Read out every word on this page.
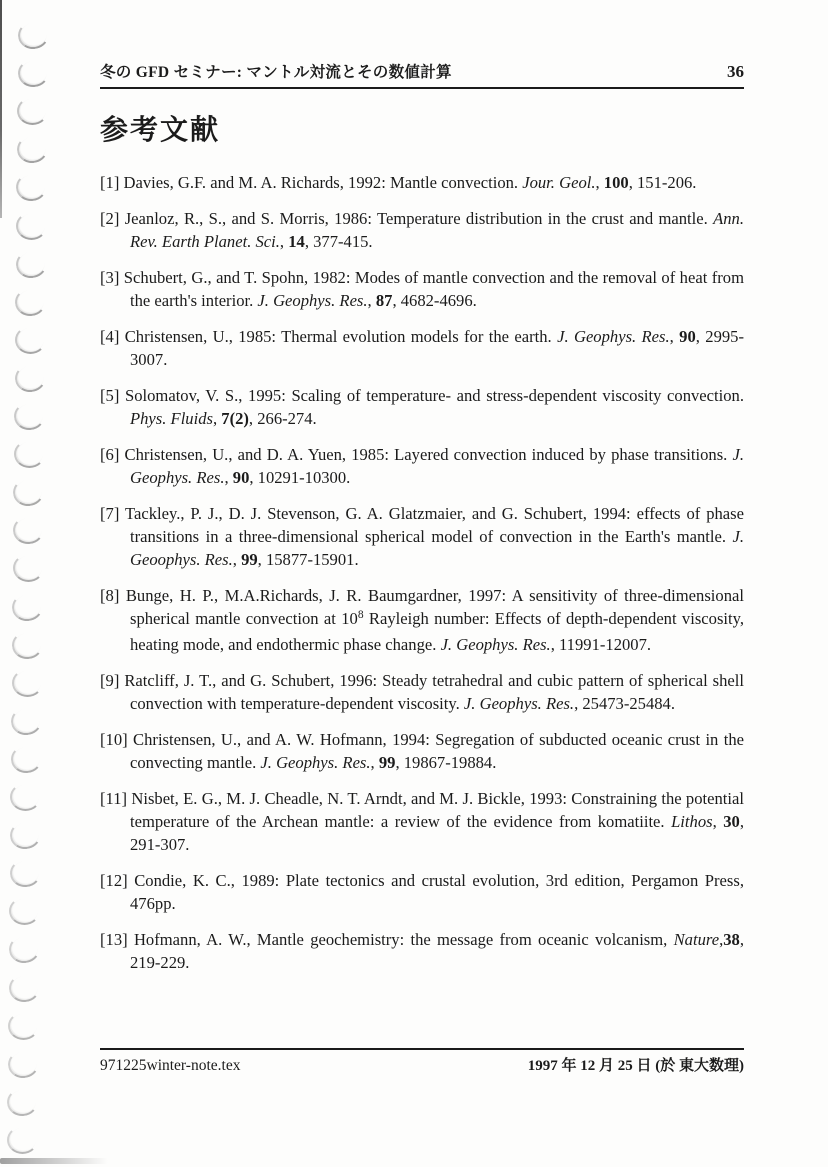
冬の GFD セミナー: マントル対流とその数値計算	36
参考文献
[1] Davies, G.F. and M. A. Richards, 1992: Mantle convection. Jour. Geol., 100, 151-206.
[2] Jeanloz, R., S., and S. Morris, 1986: Temperature distribution in the crust and mantle. Ann. Rev. Earth Planet. Sci., 14, 377-415.
[3] Schubert, G., and T. Spohn, 1982: Modes of mantle convection and the removal of heat from the earth's interior. J. Geophys. Res., 87, 4682-4696.
[4] Christensen, U., 1985: Thermal evolution models for the earth. J. Geophys. Res., 90, 2995-3007.
[5] Solomatov, V. S., 1995: Scaling of temperature- and stress-dependent viscosity convection. Phys. Fluids, 7(2), 266-274.
[6] Christensen, U., and D. A. Yuen, 1985: Layered convection induced by phase transitions. J. Geophys. Res., 90, 10291-10300.
[7] Tackley., P. J., D. J. Stevenson, G. A. Glatzmaier, and G. Schubert, 1994: effects of phase transitions in a three-dimensional spherical model of convection in the Earth's mantle. J. Geoophys. Res., 99, 15877-15901.
[8] Bunge, H. P., M.A.Richards, J. R. Baumgardner, 1997: A sensitivity of three-dimensional spherical mantle convection at $10^8$ Rayleigh number: Effects of depth-dependent viscosity, heating mode, and endothermic phase change. J. Geophys. Res., 11991-12007.
[9] Ratcliff, J. T., and G. Schubert, 1996: Steady tetrahedral and cubic pattern of spherical shell convection with temperature-dependent viscosity. J. Geophys. Res., 25473-25484.
[10] Christensen, U., and A. W. Hofmann, 1994: Segregation of subducted oceanic crust in the convecting mantle. J. Geophys. Res., 99, 19867-19884.
[11] Nisbet, E. G., M. J. Cheadle, N. T. Arndt, and M. J. Bickle, 1993: Constraining the potential temperature of the Archean mantle: a review of the evidence from komatiite. Lithos, 30, 291-307.
[12] Condie, K. C., 1989: Plate tectonics and crustal evolution, 3rd edition, Pergamon Press, 476pp.
[13] Hofmann, A. W., Mantle geochemistry: the message from oceanic volcanism, Nature,38, 219-229.
971225winter-note.tex	1997 年 12 月 25 日 (於 東大数理)
